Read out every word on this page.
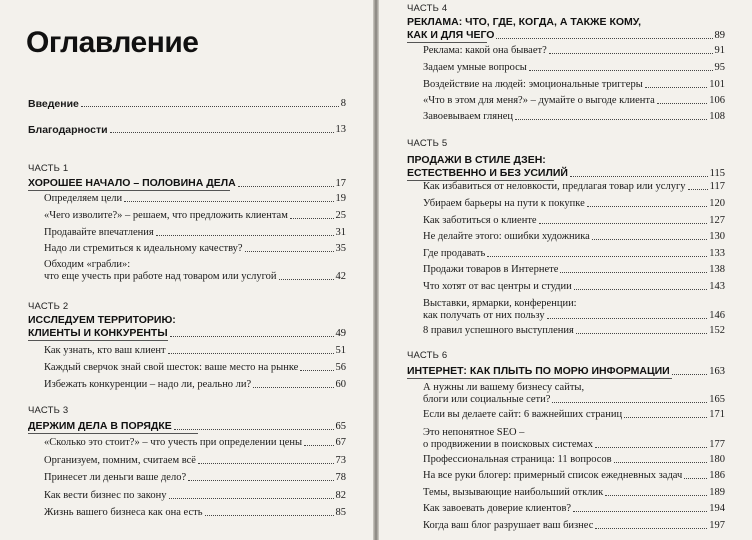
Оглавление
Введение	8
Благодарности	13
ЧАСТЬ 1
ХОРОШЕЕ НАЧАЛО – ПОЛОВИНА ДЕЛА	17
Определяем цели	19
«Чего изволите?» – решаем, что предложить клиентам	25
Продавайте впечатления	31
Надо ли стремиться к идеальному качеству?	35
Обходим «грабли»:
что еще учесть при работе над товаром или услугой	42
ЧАСТЬ 2
ИССЛЕДУЕМ ТЕРРИТОРИЮ:
КЛИЕНТЫ И КОНКУРЕНТЫ	49
Как узнать, кто ваш клиент	51
Каждый сверчок знай свой шесток: ваше место на рынке	56
Избежать конкуренции – надо ли, реально ли?	60
ЧАСТЬ 3
ДЕРЖИМ ДЕЛА В ПОРЯДКЕ	65
«Сколько это стоит?» – что учесть при определении цены	67
Организуем, помним, считаем всё	73
Принесет ли деньги ваше дело?	78
Как вести бизнес по закону	82
Жизнь вашего бизнеса как она есть	85
ЧАСТЬ 4
РЕКЛАМА: ЧТО, ГДЕ, КОГДА, А ТАКЖЕ КОМУ,
КАК И ДЛЯ ЧЕГО	89
Реклама: какой она бывает?	91
Задаем умные вопросы	95
Воздействие на людей: эмоциональные триггеры	101
«Что в этом для меня?» – думайте о выгоде клиента	106
Завоевываем глянец	108
ЧАСТЬ 5
ПРОДАЖИ В СТИЛЕ ДЗЕН:
ЕСТЕСТВЕННО И БЕЗ УСИЛИЙ	115
Как избавиться от неловкости, предлагая товар или услугу 117
Убираем барьеры на пути к покупке	120
Как заботиться о клиенте	127
Не делайте этого: ошибки художника	130
Где продавать	133
Продажи товаров в Интернете	138
Что хотят от вас центры и студии	143
Выставки, ярмарки, конференции:
как получать от них пользу	146
8 правил успешного выступления	152
ЧАСТЬ 6
ИНТЕРНЕТ: КАК ПЛЫТЬ ПО МОРЮ ИНФОРМАЦИИ	163
А нужны ли вашему бизнесу сайты,
блоги или социальные сети?	165
Если вы делаете сайт: 6 важнейших страниц	171
Это непонятное SEO –
о продвижении в поисковых системах	177
Профессиональная страница: 11 вопросов	180
На все руки блогер: примерный список ежедневных задач	186
Темы, вызывающие наибольший отклик	189
Как завоевать доверие клиентов?	194
Когда ваш блог разрушает ваш бизнес	197
